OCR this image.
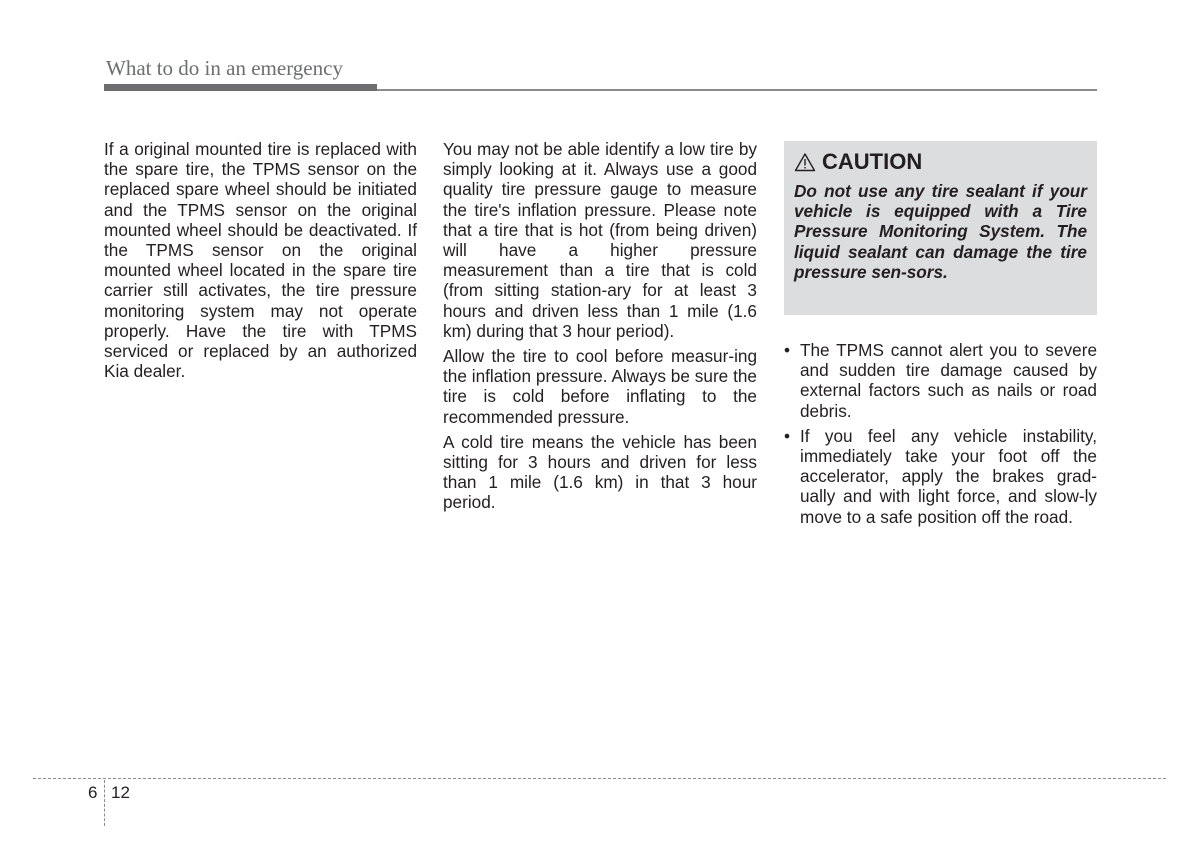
What to do in an emergency

If a original mounted tire is replaced with the spare tire, the TPMS sensor on the replaced spare wheel should be initiated and the TPMS sensor on the original mounted wheel should be deactivated. If the TPMS sensor on the original mounted wheel located in the spare tire carrier still activates, the tire pressure monitoring system may not operate properly. Have the tire with TPMS serviced or replaced by an authorized Kia dealer.

You may not be able identify a low tire by simply looking at it. Always use a good quality tire pressure gauge to measure the tire's inflation pressure. Please note that a tire that is hot (from being driven) will have a higher pressure measurement than a tire that is cold (from sitting station-ary for at least 3 hours and driven less than 1 mile (1.6 km) during that 3 hour period).

Allow the tire to cool before measur-ing the inflation pressure. Always be sure the tire is cold before inflating to the recommended pressure.

A cold tire means the vehicle has been sitting for 3 hours and driven for less than 1 mile (1.6 km) in that 3 hour period.

CAUTION
Do not use any tire sealant if your vehicle is equipped with a Tire Pressure Monitoring System. The liquid sealant can damage the tire pressure sen-sors.
• The TPMS cannot alert you to severe and sudden tire damage caused by external factors such as nails or road debris.
• If you feel any vehicle instability, immediately take your foot off the accelerator, apply the brakes grad-ually and with light force, and slow-ly move to a safe position off the road.
6 12
